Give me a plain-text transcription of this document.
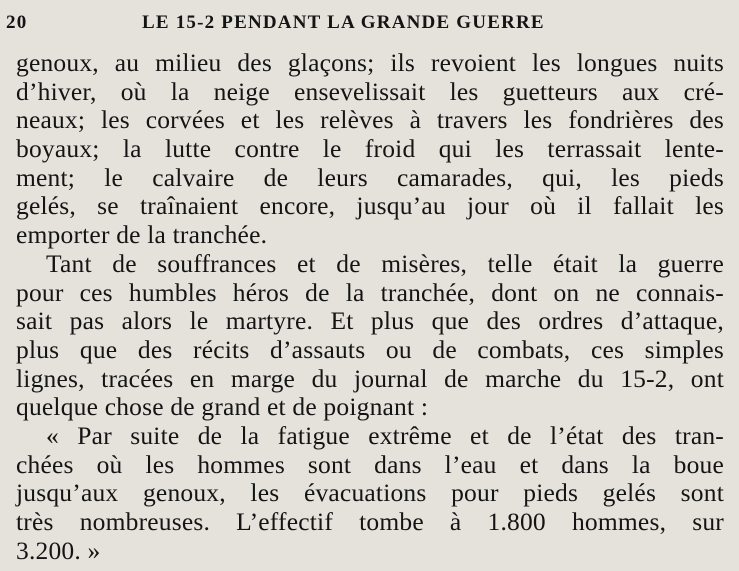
20	LE 15-2 PENDANT LA GRANDE GUERRE
genoux, au milieu des glaçons; ils revoient les longues nuits
d’hiver, où la neige ensevelissait les guetteurs aux cré-
neaux; les corvées et les relèves à travers les fondrières des
boyaux; la lutte contre le froid qui les terrassait lente-
ment; le calvaire de leurs camarades, qui, les pieds
gelés, se traînaient encore, jusqu’au jour où il fallait les
emporter de la tranchée.
Tant de souffrances et de misères, telle était la guerre
pour ces humbles héros de la tranchée, dont on ne connais-
sait pas alors le martyre. Et plus que des ordres d’attaque,
plus que des récits d’assauts ou de combats, ces simples
lignes, tracées en marge du journal de marche du 15-2, ont
quelque chose de grand et de poignant :
« Par suite de la fatigue extrême et de l’état des tran-
chées où les hommes sont dans l’eau et dans la boue
jusqu’aux genoux, les évacuations pour pieds gelés sont
très nombreuses. L’effectif tombe à 1.800 hommes, sur
3.200. »
